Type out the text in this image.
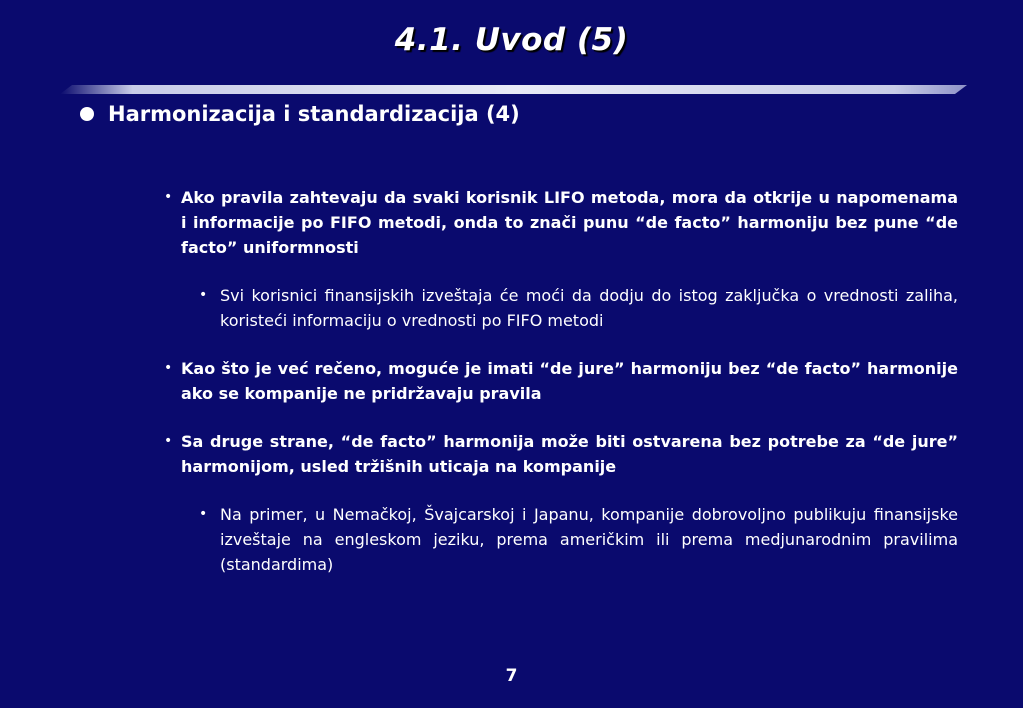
4.1. Uvod (5)
Harmonizacija i standardizacija (4)
• Ako pravila zahtevaju da svaki korisnik LIFO metoda, mora da otkrije u napomenama i informacije po FIFO metodi, onda to znači punu “de facto” harmoniju bez pune “de facto” uniformnosti
• Svi korisnici finansijskih izveštaja će moći da dodju do istog zaključka o vrednosti zaliha, koristeći informaciju o vrednosti po FIFO metodi
• Kao što je već rečeno, moguće je imati “de jure” harmoniju bez “de facto” harmonije ako se kompanije ne pridržavaju pravila
• Sa druge strane, “de facto” harmonija može biti ostvarena bez potrebe za “de jure” harmonijom, usled tržišnih uticaja na kompanije
• Na primer, u Nemačkoj, Švajcarskoj i Japanu, kompanije dobrovoljno publikuju finansijske izveštaje na engleskom jeziku, prema američkim ili prema medjunarodnim pravilima (standardima)
7
